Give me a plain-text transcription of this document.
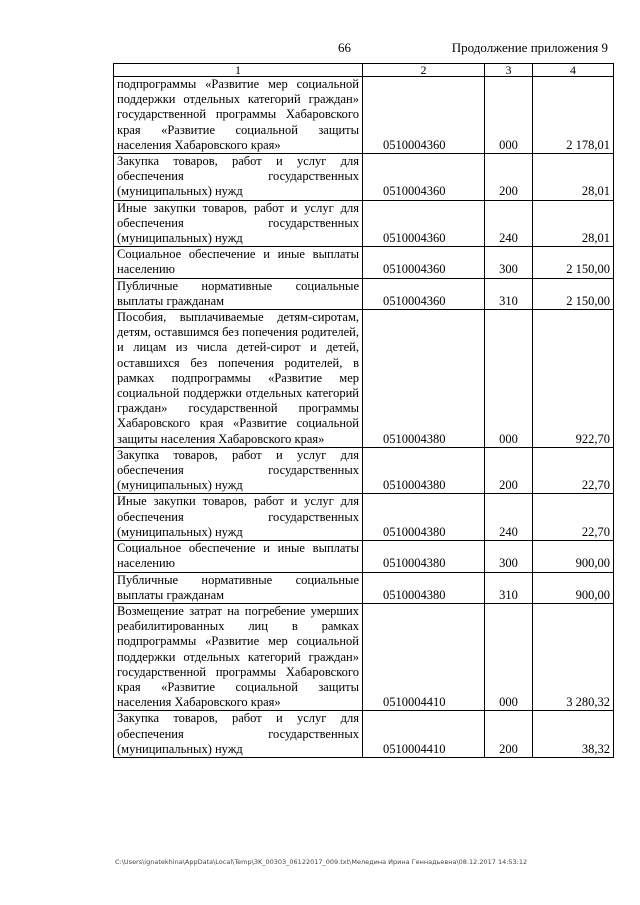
66	Продолжение приложения 9
1	2	3	4
подпрограммы «Развитие мер социальной поддержки отдельных категорий граждан» государственной программы Хабаровского края «Развитие социальной защиты населения Хабаровского края»	0510004360	000	2 178,01
Закупка товаров, работ и услуг для обеспечения государственных (муниципальных) нужд	0510004360	200	28,01
Иные закупки товаров, работ и услуг для обеспечения государственных (муниципальных) нужд	0510004360	240	28,01
Социальное обеспечение и иные выплаты населению	0510004360	300	2 150,00
Публичные нормативные социальные выплаты гражданам	0510004360	310	2 150,00
Пособия, выплачиваемые детям-сиротам, детям, оставшимся без попечения родителей, и лицам из числа детей-сирот и детей, оставшихся без попечения родителей, в рамках подпрограммы «Развитие мер социальной поддержки отдельных категорий граждан» государственной программы Хабаровского края «Развитие социальной защиты населения Хабаровского края»	0510004380	000	922,70
Закупка товаров, работ и услуг для обеспечения государственных (муниципальных) нужд	0510004380	200	22,70
Иные закупки товаров, работ и услуг для обеспечения государственных (муниципальных) нужд	0510004380	240	22,70
Социальное обеспечение и иные выплаты населению	0510004380	300	900,00
Публичные нормативные социальные выплаты гражданам	0510004380	310	900,00
Возмещение затрат на погребение умерших реабилитированных лиц в рамках подпрограммы «Развитие мер социальной поддержки отдельных категорий граждан» государственной программы Хабаровского края «Развитие социальной защиты населения Хабаровского края»	0510004410	000	3 280,32
Закупка товаров, работ и услуг для обеспечения государственных (муниципальных) нужд	0510004410	200	38,32
C:\Users\ignatekhina\AppData\Local\Temp\3K_00303_06122017_009.txt\Меледина Ирина Геннадьевна\08.12.2017 14:53:12
